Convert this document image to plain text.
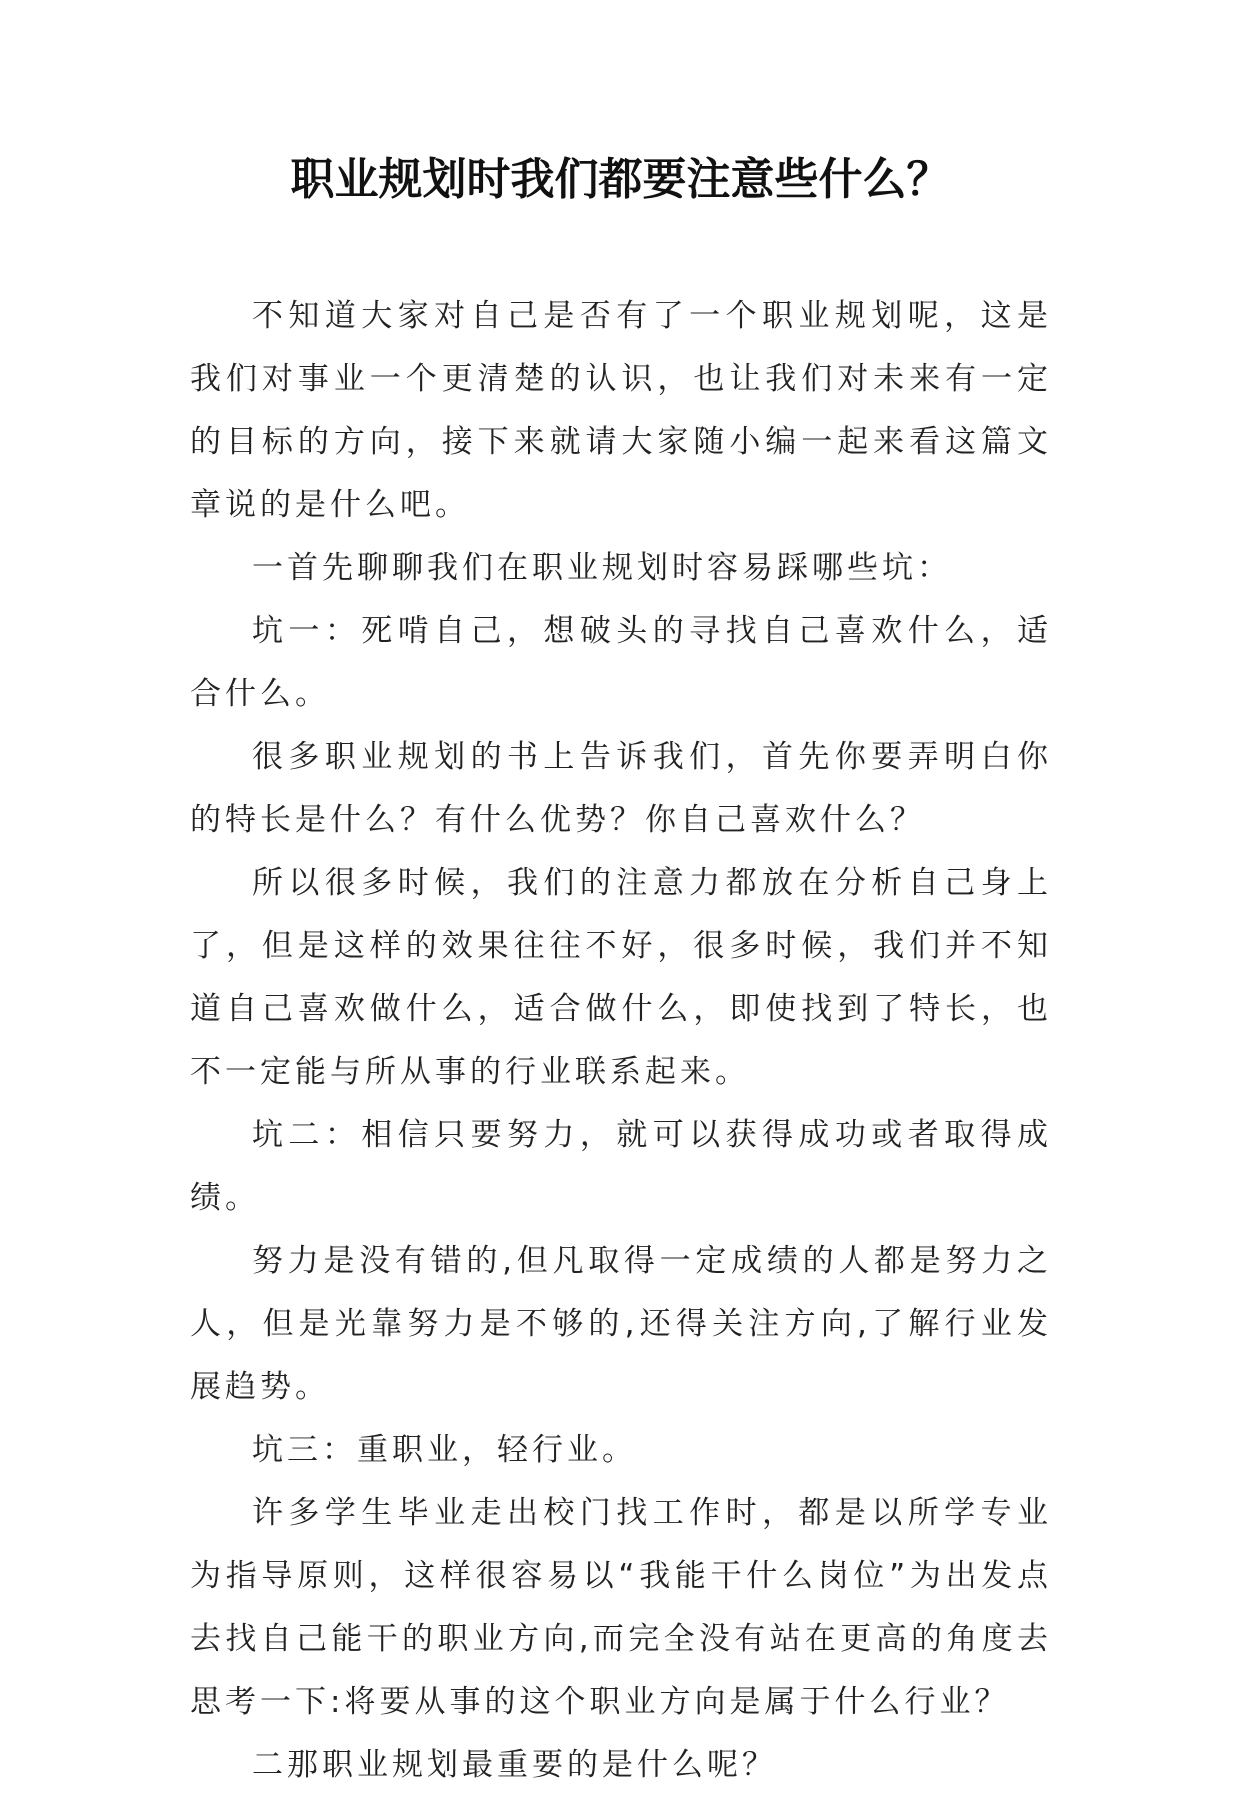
职业规划时我们都要注意些什么？

不知道大家对自己是否有了一个职业规划呢，这是我们对事业一个更清楚的认识，也让我们对未来有一定的目标的方向，接下来就请大家随小编一起来看这篇文章说的是什么吧。

一首先聊聊我们在职业规划时容易踩哪些坑：

坑一：死啃自己，想破头的寻找自己喜欢什么，适合什么。

很多职业规划的书上告诉我们，首先你要弄明白你的特长是什么？有什么优势？你自己喜欢什么？

所以很多时候，我们的注意力都放在分析自己身上了，但是这样的效果往往不好，很多时候，我们并不知道自己喜欢做什么，适合做什么，即使找到了特长，也不一定能与所从事的行业联系起来。

坑二：相信只要努力，就可以获得成功或者取得成绩。

努力是没有错的,但凡取得一定成绩的人都是努力之人，但是光靠努力是不够的,还得关注方向,了解行业发展趋势。

坑三：重职业，轻行业。

许多学生毕业走出校门找工作时，都是以所学专业为指导原则，这样很容易以“我能干什么岗位”为出发点去找自己能干的职业方向,而完全没有站在更高的角度去思考一下:将要从事的这个职业方向是属于什么行业？

二那职业规划最重要的是什么呢？
